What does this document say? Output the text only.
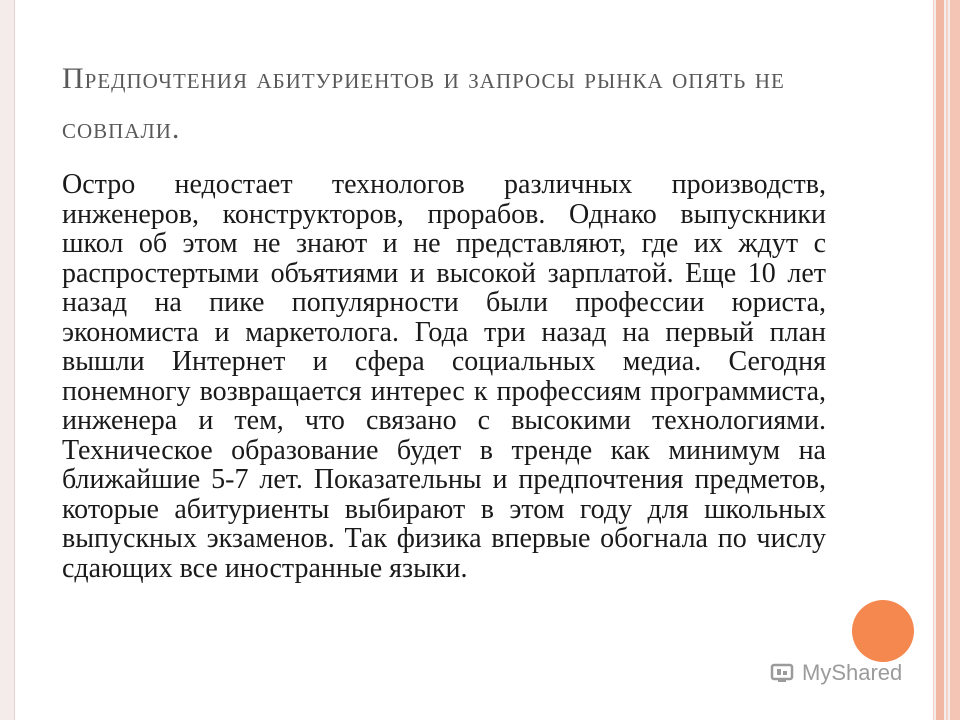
Предпочтения абитуриентов и запросы рынка опять не совпали.

Остро недостает технологов различных производств, инженеров, конструкторов, прорабов. Однако выпускники школ об этом не знают и не представляют, где их ждут с распростертыми объятиями и высокой зарплатой. Еще 10 лет назад на пике популярности были профессии юриста, экономиста и маркетолога. Года три назад на первый план вышли Интернет и сфера социальных медиа. Сегодня понемногу возвращается интерес к профессиям программиста, инженера и тем, что связано с высокими технологиями. Техническое образование будет в тренде как минимум на ближайшие 5-7 лет. Показательны и предпочтения предметов, которые абитуриенты выбирают в этом году для школьных выпускных экзаменов. Так физика впервые обогнала по числу сдающих все иностранные языки.

MyShared
